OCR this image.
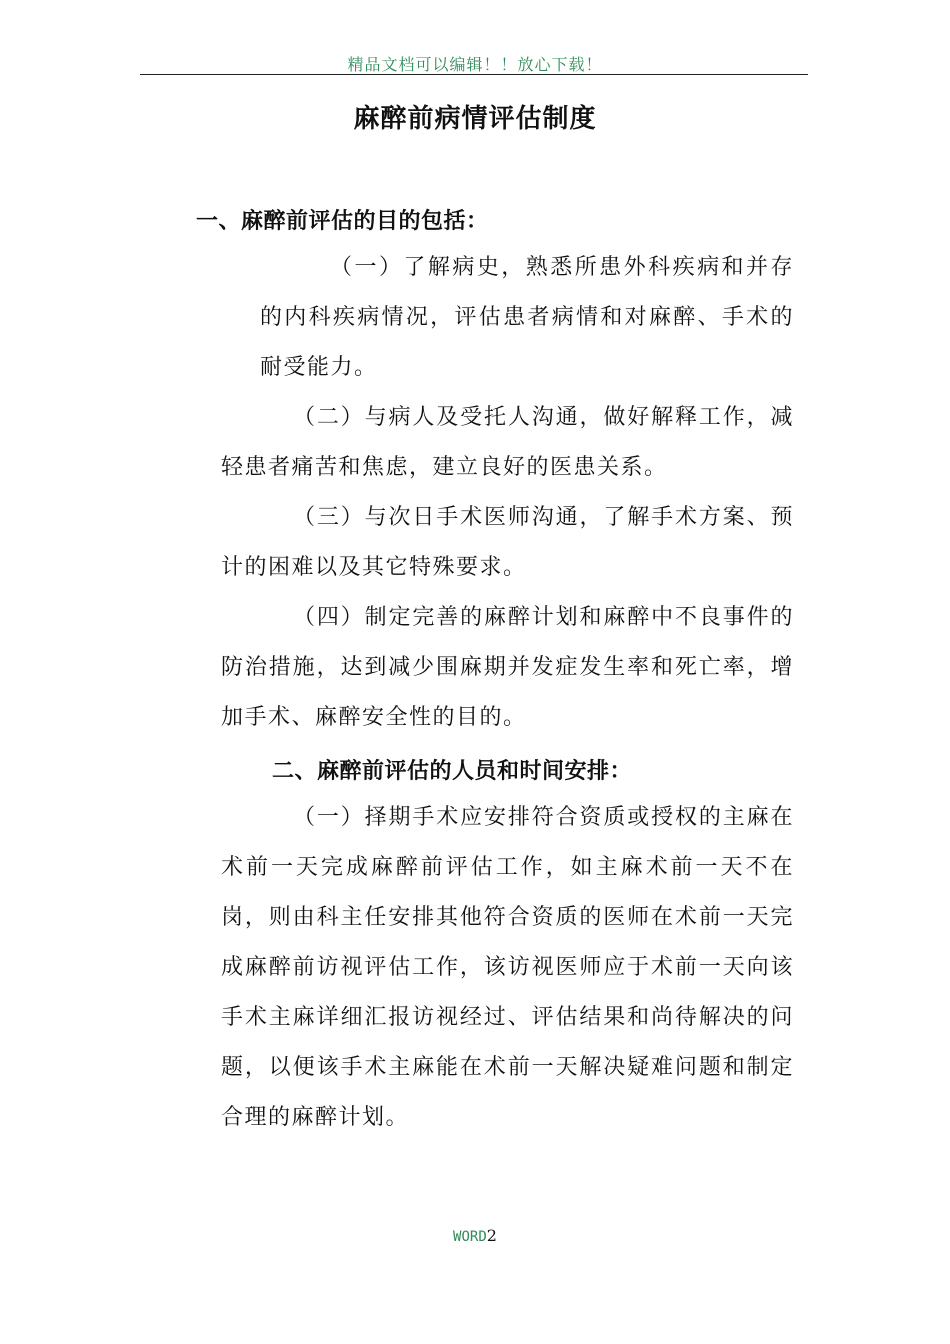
精品文档可以编辑！！放心下载！
麻醉前病情评估制度
一、麻醉前评估的目的包括：
（一）了解病史，熟悉所患外科疾病和并存的内科疾病情况，评估患者病情和对麻醉、手术的耐受能力。
（二）与病人及受托人沟通，做好解释工作，减轻患者痛苦和焦虑，建立良好的医患关系。
（三）与次日手术医师沟通，了解手术方案、预计的困难以及其它特殊要求。
（四）制定完善的麻醉计划和麻醉中不良事件的防治措施，达到减少围麻期并发症发生率和死亡率，增加手术、麻醉安全性的目的。
二、麻醉前评估的人员和时间安排：
（一）择期手术应安排符合资质或授权的主麻在术前一天完成麻醉前评估工作，如主麻术前一天不在岗，则由科主任安排其他符合资质的医师在术前一天完成麻醉前访视评估工作，该访视医师应于术前一天向该手术主麻详细汇报访视经过、评估结果和尚待解决的问题，以便该手术主麻能在术前一天解决疑难问题和制定合理的麻醉计划。
WORD2
